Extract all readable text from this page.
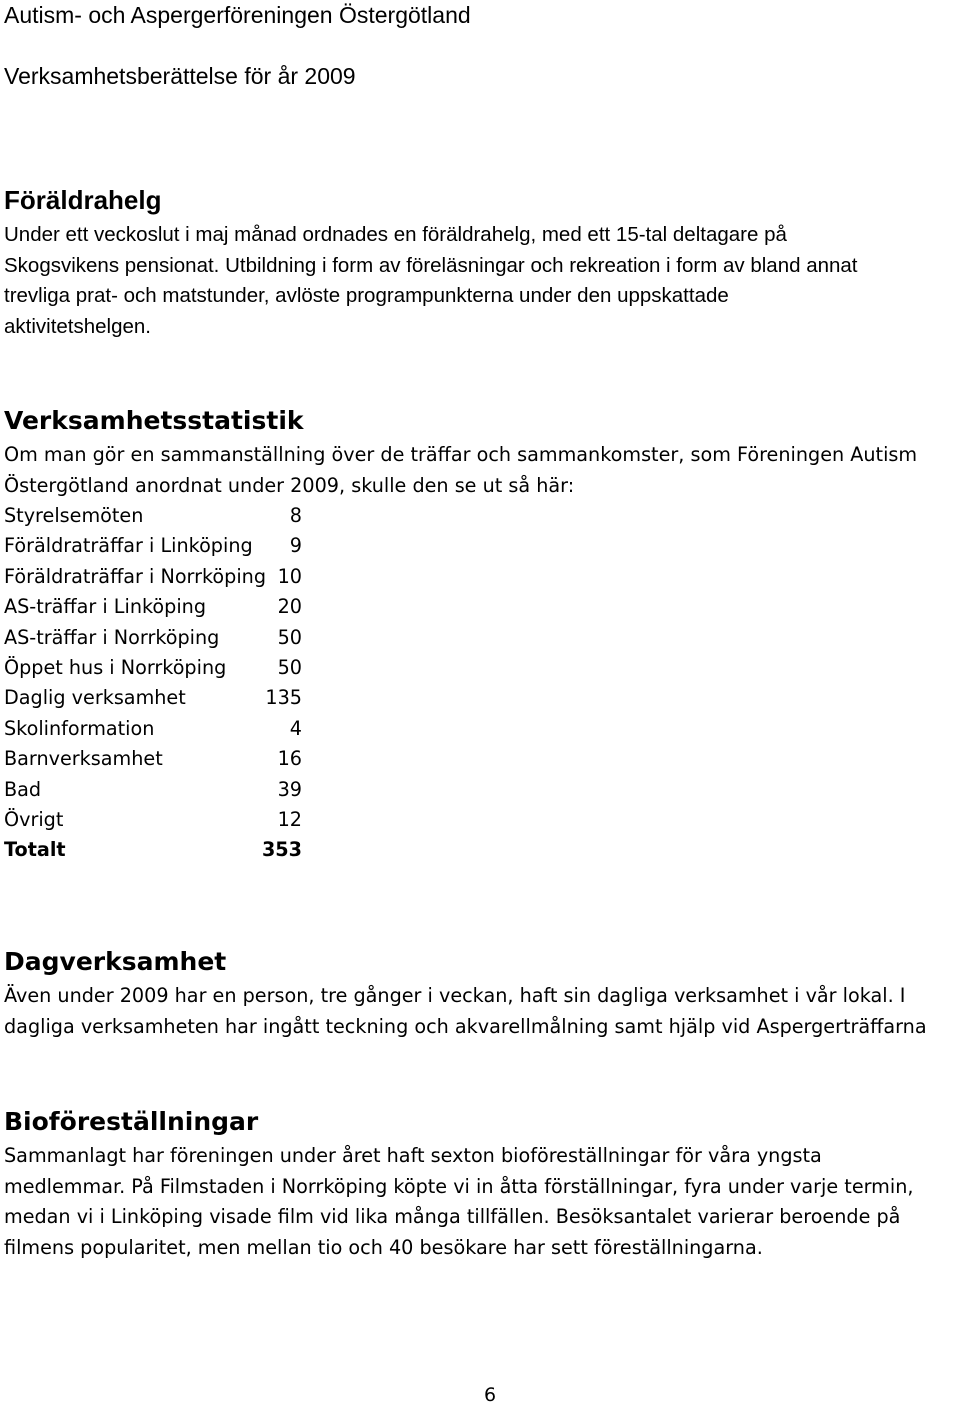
Autism- och Aspergerföreningen Östergötland
Verksamhetsberättelse för år 2009
Föräldrahelg
Under ett veckoslut i maj månad ordnades en föräldrahelg, med ett 15-tal deltagare på
Skogsvikens pensionat. Utbildning i form av föreläsningar och rekreation i form av bland annat
trevliga prat- och matstunder, avlöste programpunkterna under den uppskattade
aktivitetshelgen.
Verksamhetsstatistik
Om man gör en sammanställning över de träffar och sammankomster, som Föreningen Autism
Östergötland anordnat under 2009, skulle den se ut så här:
Styrelsemöten	8
Föräldraträffar i Linköping 9
Föräldraträffar i Norrköping 10
AS-träffar i Linköping	20
AS-träffar i Norrköping	50
Öppet hus i Norrköping	50
Daglig verksamhet	135
Skolinformation	4
Barnverksamhet	16
Bad	39
Övrigt	12
Totalt	353
Dagverksamhet
Även under 2009 har en person, tre gånger i veckan, haft sin dagliga verksamhet i vår lokal. I
dagliga verksamheten har ingått teckning och akvarellmålning samt hjälp vid Aspergerträffarna
Bioföreställningar
Sammanlagt har föreningen under året haft sexton bioföreställningar för våra yngsta
medlemmar. På Filmstaden i Norrköping köpte vi in åtta förställningar, fyra under varje termin,
medan vi i Linköping visade film vid lika många tillfällen. Besöksantalet varierar beroende på
filmens popularitet, men mellan tio och 40 besökare har sett föreställningarna.
6
